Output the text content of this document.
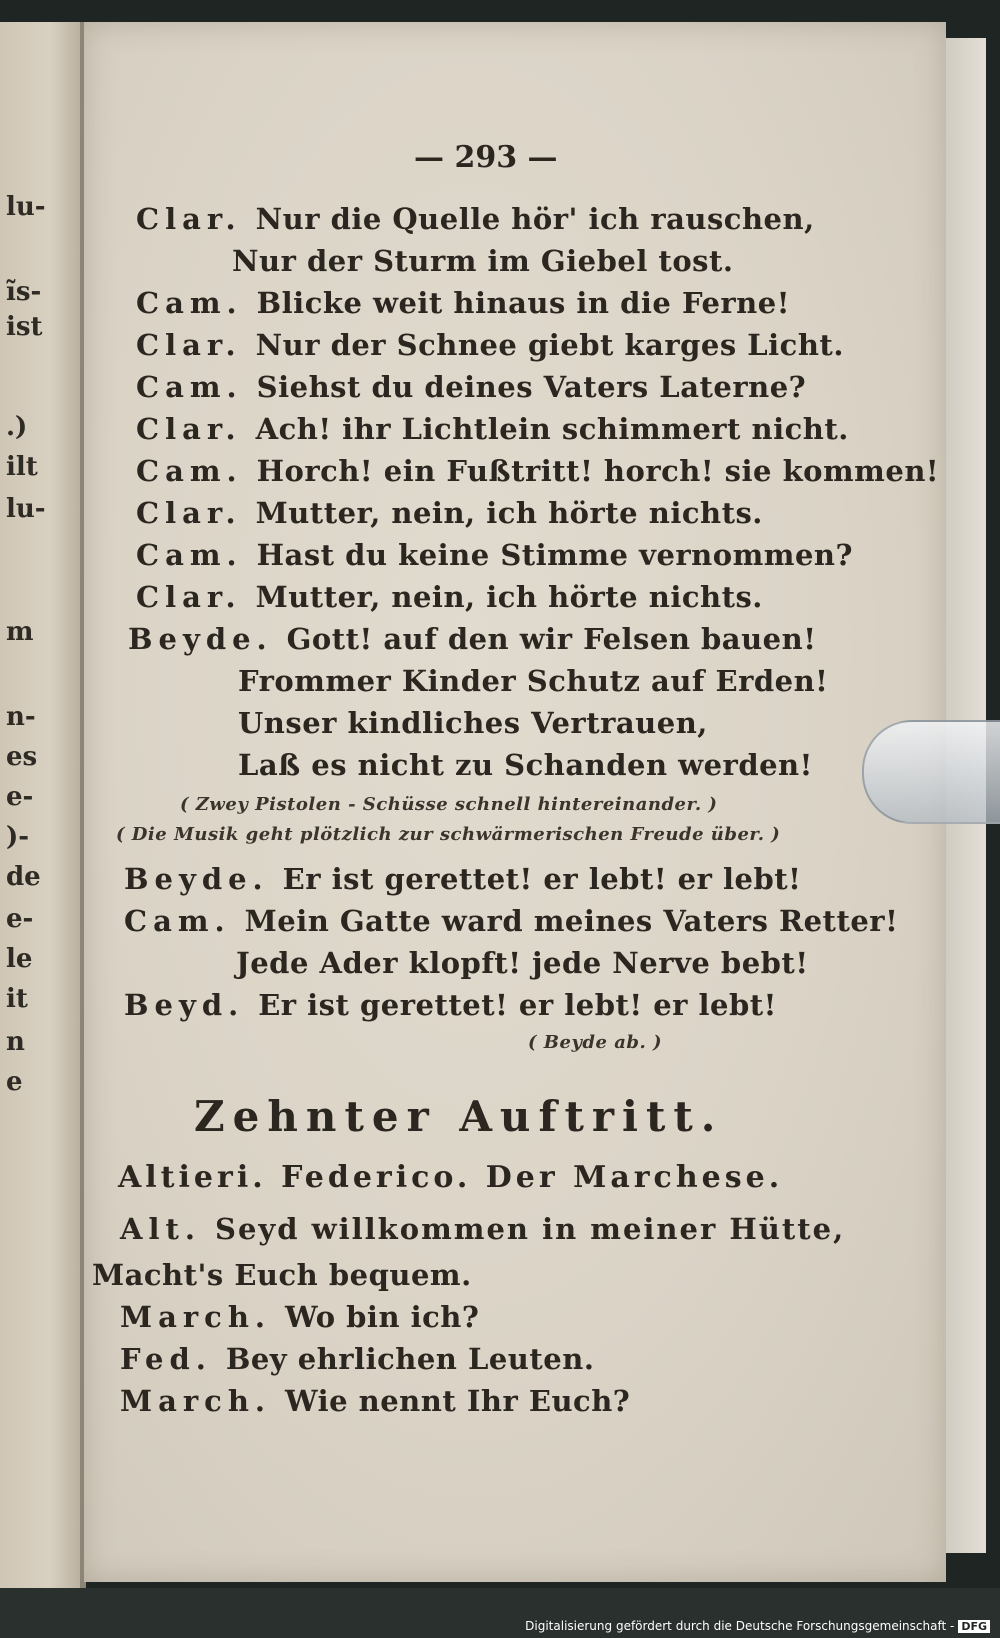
lu-
ĩs-
ist
.)
ilt
lu-
m
n-
es
e-
)-
de
e-
le
it
n
e
— 293 —
Clar. Nur die Quelle hör' ich rauschen,
Nur der Sturm im Giebel tost.
Cam. Blicke weit hinaus in die Ferne!
Clar. Nur der Schnee giebt karges Licht.
Cam. Siehst du deines Vaters Laterne?
Clar. Ach! ihr Lichtlein schimmert nicht.
Cam. Horch! ein Fußtritt! horch! sie kommen!
Clar. Mutter, nein, ich hörte nichts.
Cam. Hast du keine Stimme vernommen?
Clar. Mutter, nein, ich hörte nichts.
Beyde. Gott! auf den wir Felsen bauen!
Frommer Kinder Schutz auf Erden!
Unser kindliches Vertrauen,
Laß es nicht zu Schanden werden!
( Zwey Pistolen - Schüsse schnell hintereinander. )
( Die Musik geht plötzlich zur schwärmerischen Freude über. )
Beyde. Er ist gerettet! er lebt! er lebt!
Cam. Mein Gatte ward meines Vaters Retter!
Jede Ader klopft! jede Nerve bebt!
Beyd. Er ist gerettet! er lebt! er lebt!
( Beyde ab. )
Zehnter Auftritt.
Altieri. Federico. Der Marchese.
Alt. Seyd willkommen in meiner Hütte,
Macht's Euch bequem.
March. Wo bin ich?
Fed. Bey ehrlichen Leuten.
March. Wie nennt Ihr Euch?
Digitalisierung gefördert durch die Deutsche Forschungsgemeinschaft - DFG
